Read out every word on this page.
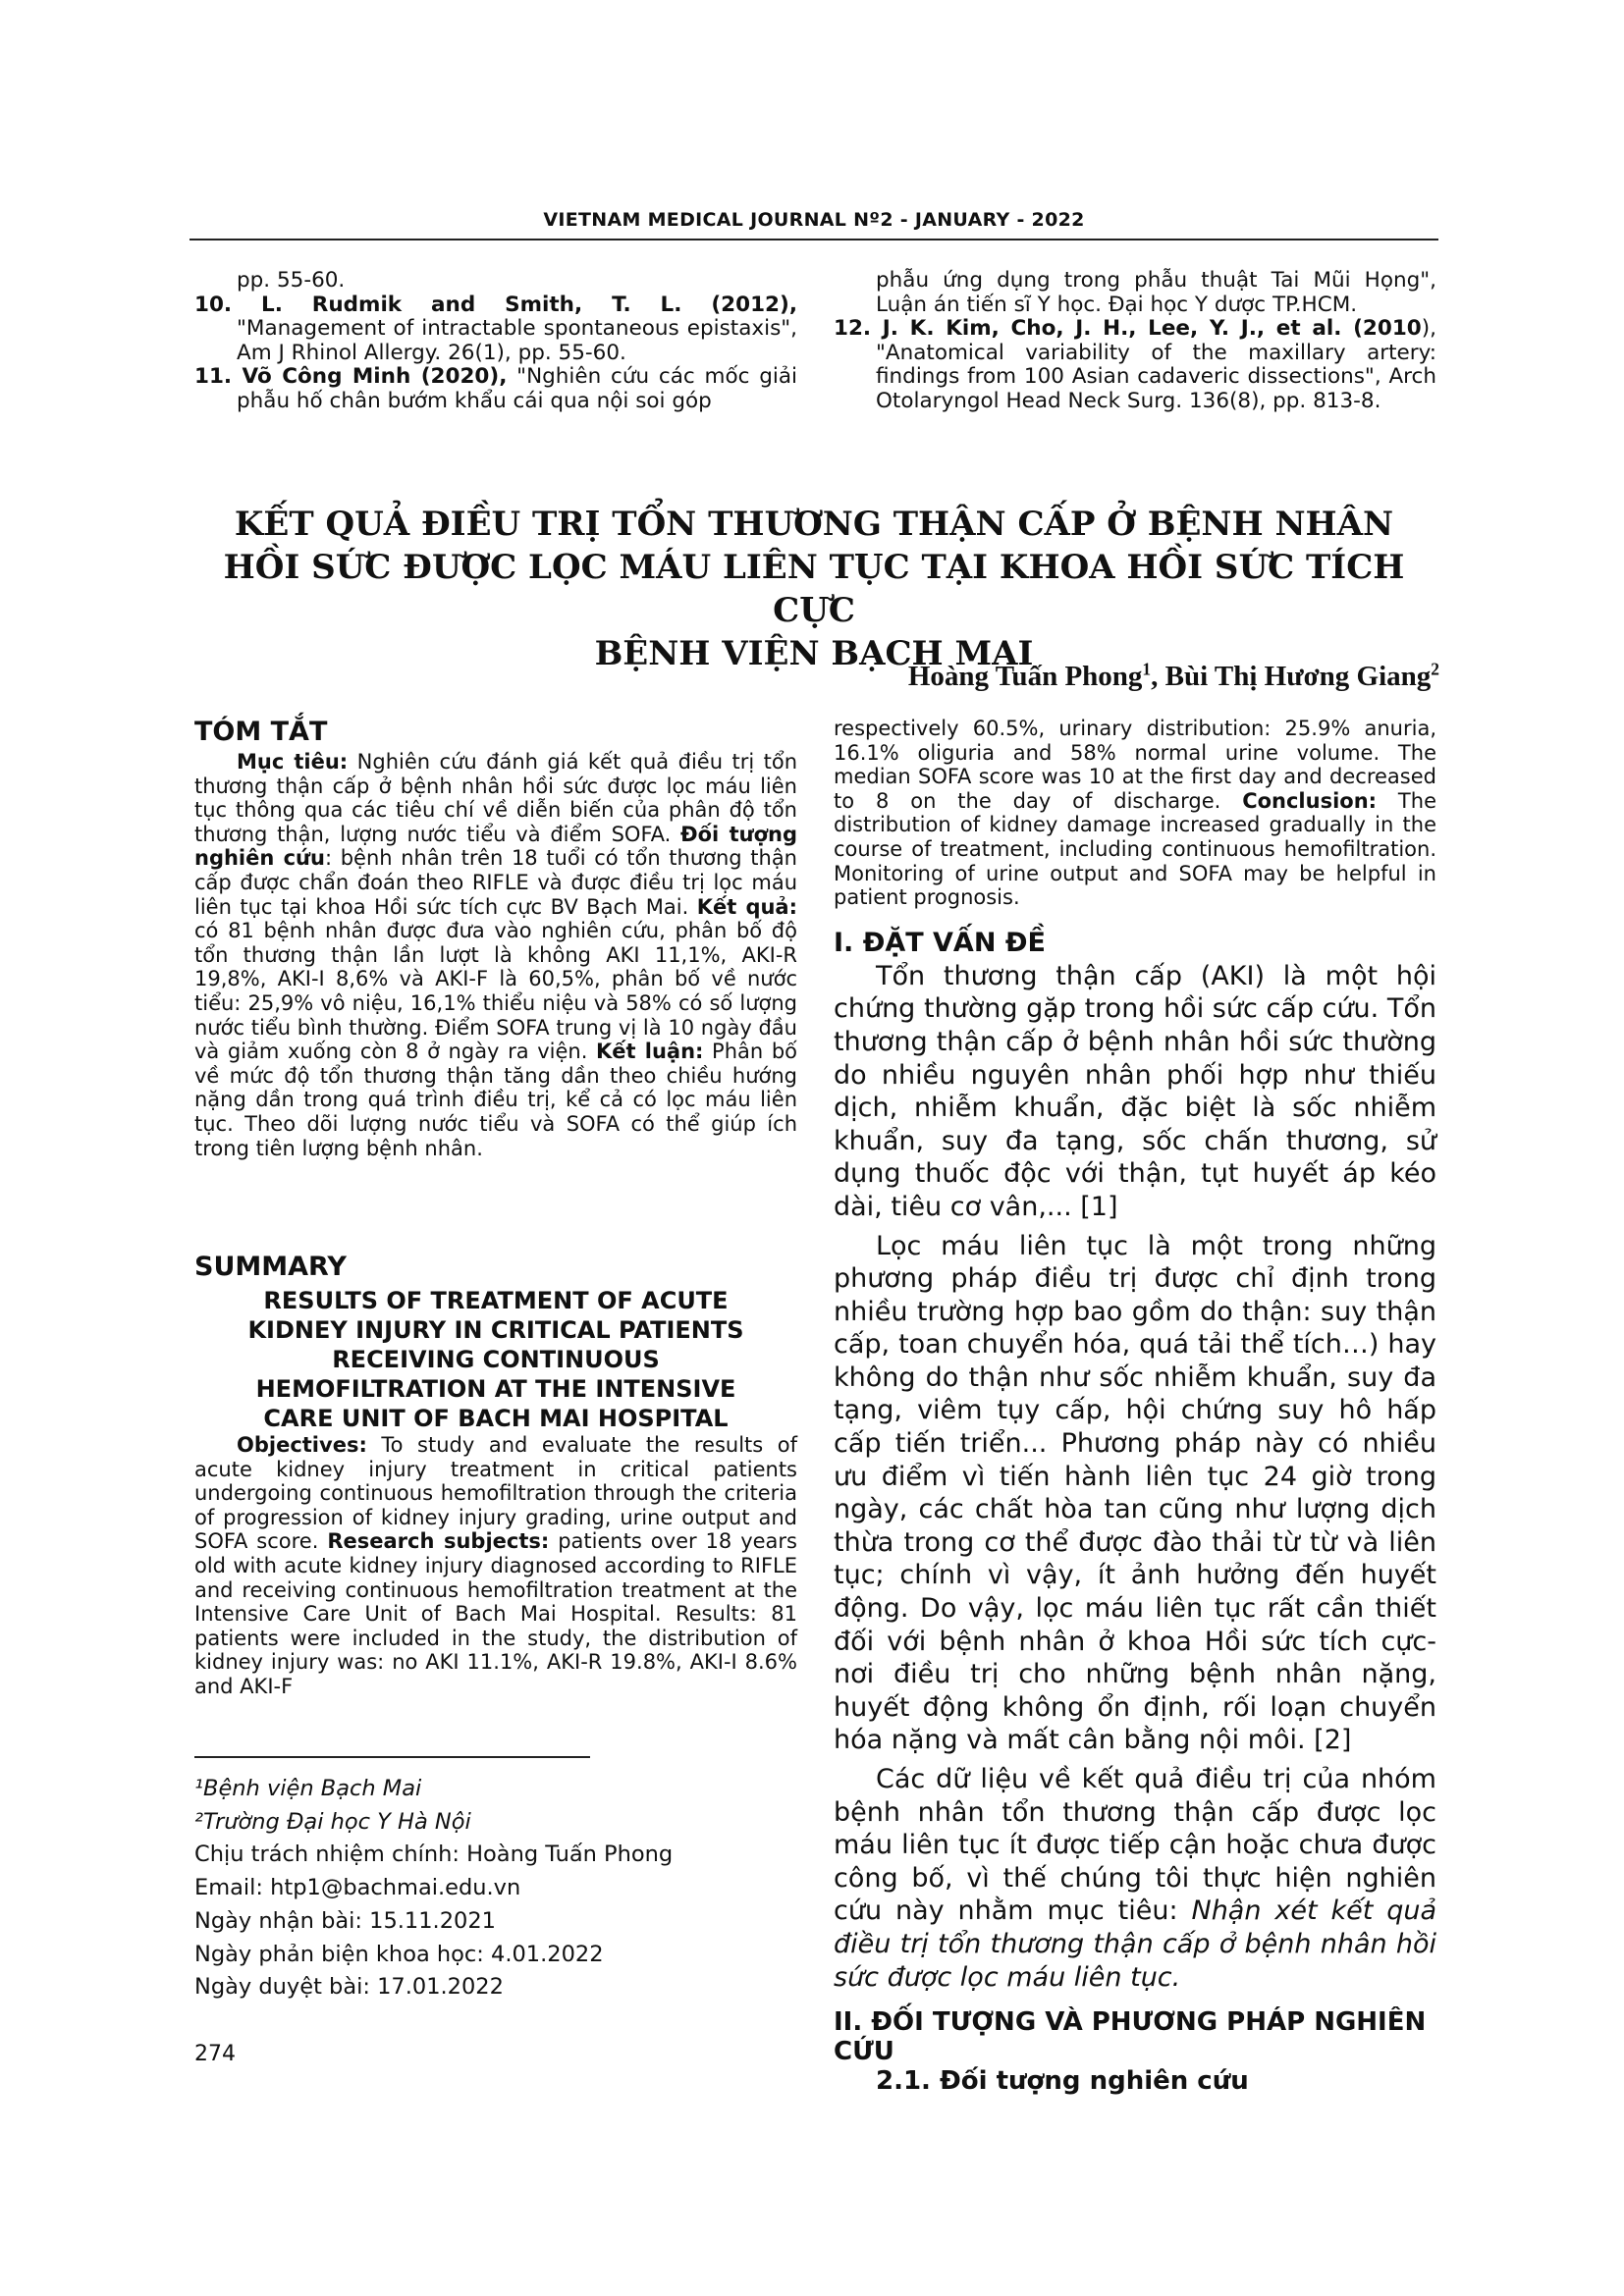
VIETNAM MEDICAL JOURNAL Nº2 - JANUARY - 2022

pp. 55-60.

10. L. Rudmik and Smith, T. L. (2012), "Management of intractable spontaneous epistaxis", Am J Rhinol Allergy. 26(1), pp. 55-60.

11. Võ Công Minh (2020), "Nghiên cứu các mốc giải phẫu hố chân bướm khẩu cái qua nội soi góp

phẫu ứng dụng trong phẫu thuật Tai Mũi Họng", Luận án tiến sĩ Y học. Đại học Y dược TP.HCM.

12. J. K. Kim, Cho, J. H., Lee, Y. J., et al. (2010), "Anatomical variability of the maxillary artery: findings from 100 Asian cadaveric dissections", Arch Otolaryngol Head Neck Surg. 136(8), pp. 813-8.

KẾT QUẢ ĐIỀU TRỊ TỔN THƯƠNG THẬN CẤP Ở BỆNH NHÂN
HỒI SỨC ĐƯỢC LỌC MÁU LIÊN TỤC TẠI KHOA HỒI SỨC TÍCH CỰC
BỆNH VIỆN BẠCH MAI
Hoàng Tuấn Phong$^1$, Bùi Thị Hương Giang$^2$
TÓM TẮT

Mục tiêu: Nghiên cứu đánh giá kết quả điều trị tổn thương thận cấp ở bệnh nhân hồi sức được lọc máu liên tục thông qua các tiêu chí về diễn biến của phân độ tổn thương thận, lượng nước tiểu và điểm SOFA. Đối tượng nghiên cứu: bệnh nhân trên 18 tuổi có tổn thương thận cấp được chẩn đoán theo RIFLE và được điều trị lọc máu liên tục tại khoa Hồi sức tích cực BV Bạch Mai. Kết quả: có 81 bệnh nhân được đưa vào nghiên cứu, phân bố độ tổn thương thận lần lượt là không AKI 11,1%, AKI-R 19,8%, AKI-I 8,6% và AKI-F là 60,5%, phân bố về nước tiểu: 25,9% vô niệu, 16,1% thiểu niệu và 58% có số lượng nước tiểu bình thường. Điểm SOFA trung vị là 10 ngày đầu và giảm xuống còn 8 ở ngày ra viện. Kết luận: Phân bố về mức độ tổn thương thận tăng dần theo chiều hướng nặng dần trong quá trình điều trị, kể cả có lọc máu liên tục. Theo dõi lượng nước tiểu và SOFA có thể giúp ích trong tiên lượng bệnh nhân.

SUMMARY
RESULTS OF TREATMENT OF ACUTE KIDNEY INJURY IN CRITICAL PATIENTS RECEIVING CONTINUOUS HEMOFILTRATION AT THE INTENSIVE CARE UNIT OF BACH MAI HOSPITAL

Objectives: To study and evaluate the results of acute kidney injury treatment in critical patients undergoing continuous hemofiltration through the criteria of progression of kidney injury grading, urine output and SOFA score. Research subjects: patients over 18 years old with acute kidney injury diagnosed according to RIFLE and receiving continuous hemofiltration treatment at the Intensive Care Unit of Bach Mai Hospital. Results: 81 patients were included in the study, the distribution of kidney injury was: no AKI 11.1%, AKI-R 19.8%, AKI-I 8.6% and AKI-F

respectively 60.5%, urinary distribution: 25.9% anuria, 16.1% oliguria and 58% normal urine volume. The median SOFA score was 10 at the first day and decreased to 8 on the day of discharge. Conclusion: The distribution of kidney damage increased gradually in the course of treatment, including continuous hemofiltration. Monitoring of urine output and SOFA may be helpful in patient prognosis.

I. ĐẶT VẤN ĐỀ

Tổn thương thận cấp (AKI) là một hội chứng thường gặp trong hồi sức cấp cứu. Tổn thương thận cấp ở bệnh nhân hồi sức thường do nhiều nguyên nhân phối hợp như thiếu dịch, nhiễm khuẩn, đặc biệt là sốc nhiễm khuẩn, suy đa tạng, sốc chấn thương, sử dụng thuốc độc với thận, tụt huyết áp kéo dài, tiêu cơ vân,... [1]

Lọc máu liên tục là một trong những phương pháp điều trị được chỉ định trong nhiều trường hợp bao gồm do thận: suy thận cấp, toan chuyển hóa, quá tải thể tích…) hay không do thận như sốc nhiễm khuẩn, suy đa tạng, viêm tụy cấp, hội chứng suy hô hấp cấp tiến triển... Phương pháp này có nhiều ưu điểm vì tiến hành liên tục 24 giờ trong ngày, các chất hòa tan cũng như lượng dịch thừa trong cơ thể được đào thải từ từ và liên tục; chính vì vậy, ít ảnh hưởng đến huyết động. Do vậy, lọc máu liên tục rất cần thiết đối với bệnh nhân ở khoa Hồi sức tích cực- nơi điều trị cho những bệnh nhân nặng, huyết động không ổn định, rối loạn chuyển hóa nặng và mất cân bằng nội môi. [2]

Các dữ liệu về kết quả điều trị của nhóm bệnh nhân tổn thương thận cấp được lọc máu liên tục ít được tiếp cận hoặc chưa được công bố, vì thế chúng tôi thực hiện nghiên cứu này nhằm mục tiêu: Nhận xét kết quả điều trị tổn thương thận cấp ở bệnh nhân hồi sức được lọc máu liên tục.

II. ĐỐI TƯỢNG VÀ PHƯƠNG PHÁP NGHIÊN CỨU
2.1. Đối tượng nghiên cứu
¹Bệnh viện Bạch Mai
²Trường Đại học Y Hà Nội
Chịu trách nhiệm chính: Hoàng Tuấn Phong
Email: htp1@bachmai.edu.vn
Ngày nhận bài: 15.11.2021
Ngày phản biện khoa học: 4.01.2022
Ngày duyệt bài: 17.01.2022
274
